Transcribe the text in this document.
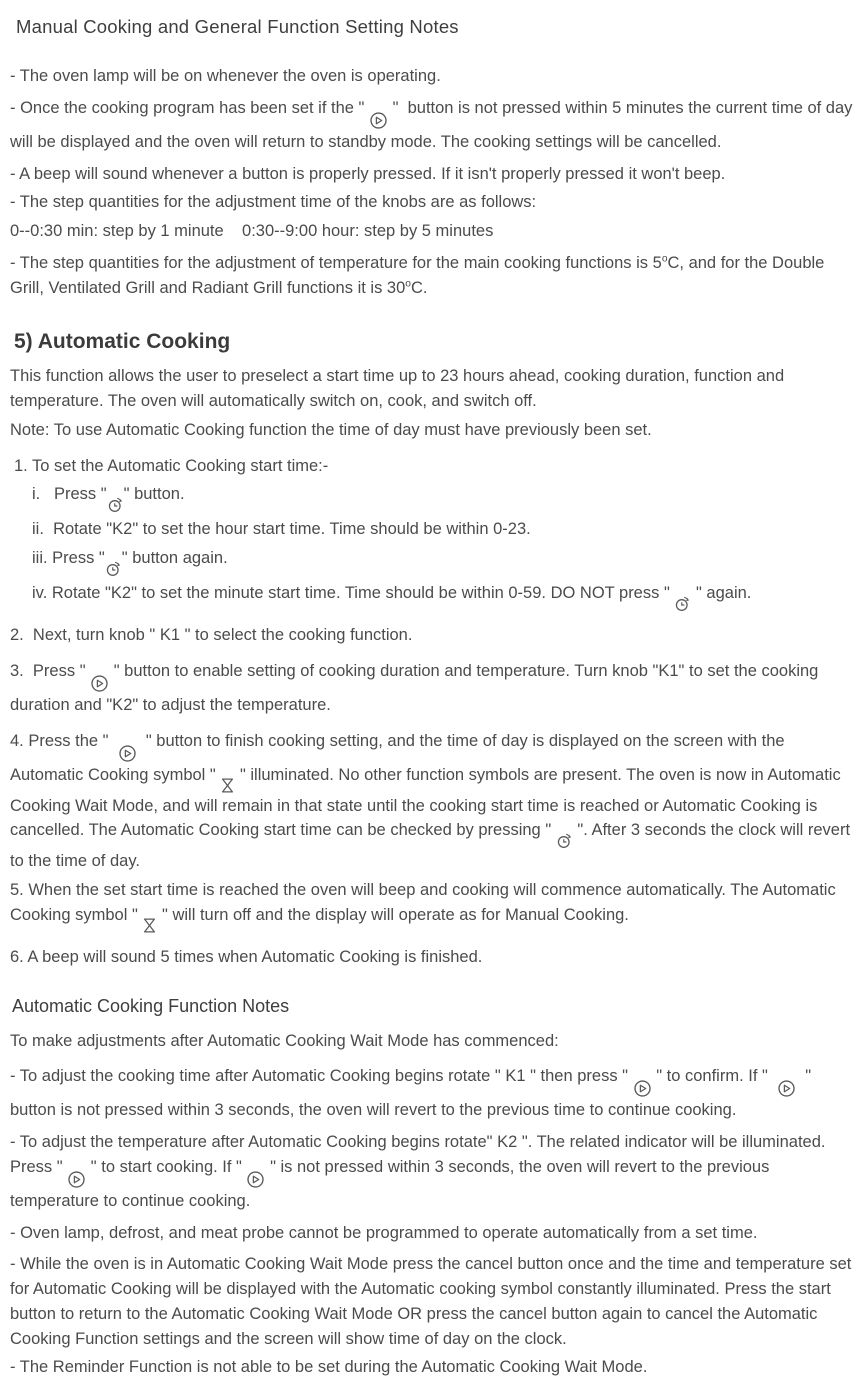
Manual Cooking and General Function Setting Notes

- The oven lamp will be on whenever the oven is operating.

- Once the cooking program has been set if the "  "  button is not pressed within 5 minutes the current time of day will be displayed and the oven will return to standby mode. The cooking settings will be cancelled.

- A beep will sound whenever a button is properly pressed. If it isn't properly pressed it won't beep.

- The step quantities for the adjustment time of the knobs are as follows:

0--0:30 min: step by 1 minute    0:30--9:00 hour: step by 5 minutes

- The step quantities for the adjustment of temperature for the main cooking functions is 5$^o$C, and for the Double Grill, Ventilated Grill and Radiant Grill functions it is 30$^o$C.

5) Automatic Cooking

This function allows the user to preselect a start time up to 23 hours ahead, cooking duration, function and temperature. The oven will automatically switch on, cook, and switch off.

Note: To use Automatic Cooking function the time of day must have previously been set.

1. To set the Automatic Cooking start time:-

i.   Press " " button.

ii.  Rotate "K2" to set the hour start time. Time should be within 0-23.

iii. Press " " button again.

iv. Rotate "K2" to set the minute start time. Time should be within 0-59. DO NOT press "  " again.

2.  Next, turn knob " K1 " to select the cooking function.

3.  Press "  " button to enable setting of cooking duration and temperature. Turn knob "K1" to set the cooking duration and "K2" to adjust the temperature.

4. Press the "    " button to finish cooking setting, and the time of day is displayed on the screen with the Automatic Cooking symbol "  " illuminated. No other function symbols are present. The oven is now in Automatic Cooking Wait Mode, and will remain in that state until the cooking start time is reached or Automatic Cooking is cancelled. The Automatic Cooking start time can be checked by pressing "  ". After 3 seconds the clock will revert to the time of day.

5. When the set start time is reached the oven will beep and cooking will commence automatically. The Automatic Cooking symbol "  " will turn off and the display will operate as for Manual Cooking.

6. A beep will sound 5 times when Automatic Cooking is finished.

Automatic Cooking Function Notes

To make adjustments after Automatic Cooking Wait Mode has commenced:

- To adjust the cooking time after Automatic Cooking begins rotate " K1 " then press "  " to confirm. If "    " button is not pressed within 3 seconds, the oven will revert to the previous time to continue cooking.

- To adjust the temperature after Automatic Cooking begins rotate" K2 ". The related indicator will be illuminated. Press "  " to start cooking. If "  " is not pressed within 3 seconds, the oven will revert to the previous temperature to continue cooking.

- Oven lamp, defrost, and meat probe cannot be programmed to operate automatically from a set time.

- While the oven is in Automatic Cooking Wait Mode press the cancel button once and the time and temperature set for Automatic Cooking will be displayed with the Automatic cooking symbol constantly illuminated. Press the start button to return to the Automatic Cooking Wait Mode OR press the cancel button again to cancel the Automatic Cooking Function settings and the screen will show time of day on the clock.

- The Reminder Function is not able to be set during the Automatic Cooking Wait Mode.
